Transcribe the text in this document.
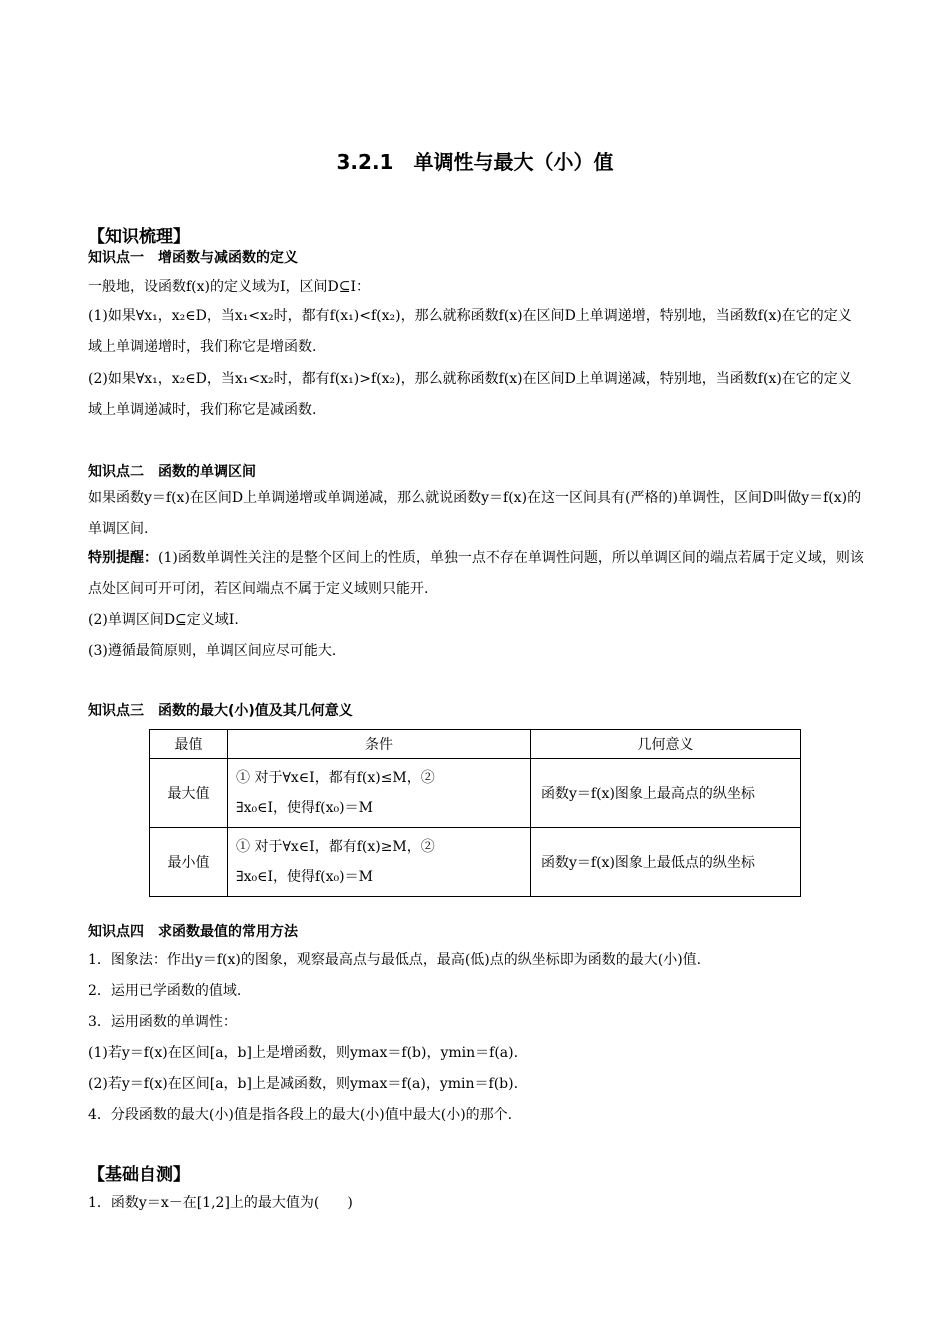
3.2.1　单调性与最大（小）值
【知识梳理】
知识点一　增函数与减函数的定义
一般地，设函数f(x)的定义域为I，区间D⊆I：
(1)如果∀x₁，x₂∈D，当x₁<x₂时，都有f(x₁)<f(x₂)，那么就称函数f(x)在区间D上单调递增，特别地，当函数f(x)在它的定义域上单调递增时，我们称它是增函数.
(2)如果∀x₁，x₂∈D，当x₁<x₂时，都有f(x₁)>f(x₂)，那么就称函数f(x)在区间D上单调递减，特别地，当函数f(x)在它的定义域上单调递减时，我们称它是减函数.
知识点二　函数的单调区间
如果函数y＝f(x)在区间D上单调递增或单调递减，那么就说函数y＝f(x)在这一区间具有(严格的)单调性，区间D叫做y＝f(x)的单调区间.
特别提醒：(1)函数单调性关注的是整个区间上的性质，单独一点不存在单调性问题，所以单调区间的端点若属于定义域，则该点处区间可开可闭，若区间端点不属于定义域则只能开.
(2)单调区间D⊆定义域I.
(3)遵循最简原则，单调区间应尽可能大.
知识点三　函数的最大(小)值及其几何意义
最值	条件	几何意义
最大值	① 对于∀x∈I，都有f(x)≤M，②
∃x₀∈I，使得f(x₀)＝M	函数y＝f(x)图象上最高点的纵坐标
最小值	① 对于∀x∈I，都有f(x)≥M，②
∃x₀∈I，使得f(x₀)＝M	函数y＝f(x)图象上最低点的纵坐标
知识点四　求函数最值的常用方法
1．图象法：作出y＝f(x)的图象，观察最高点与最低点，最高(低)点的纵坐标即为函数的最大(小)值.
2．运用已学函数的值域.
3．运用函数的单调性：
(1)若y＝f(x)在区间[a，b]上是增函数，则ymax＝f(b)，ymin＝f(a).
(2)若y＝f(x)在区间[a，b]上是减函数，则ymax＝f(a)，ymin＝f(b).
4．分段函数的最大(小)值是指各段上的最大(小)值中最大(小)的那个.
【基础自测】
1．函数y＝x－在[1,2]上的最大值为(　　)
